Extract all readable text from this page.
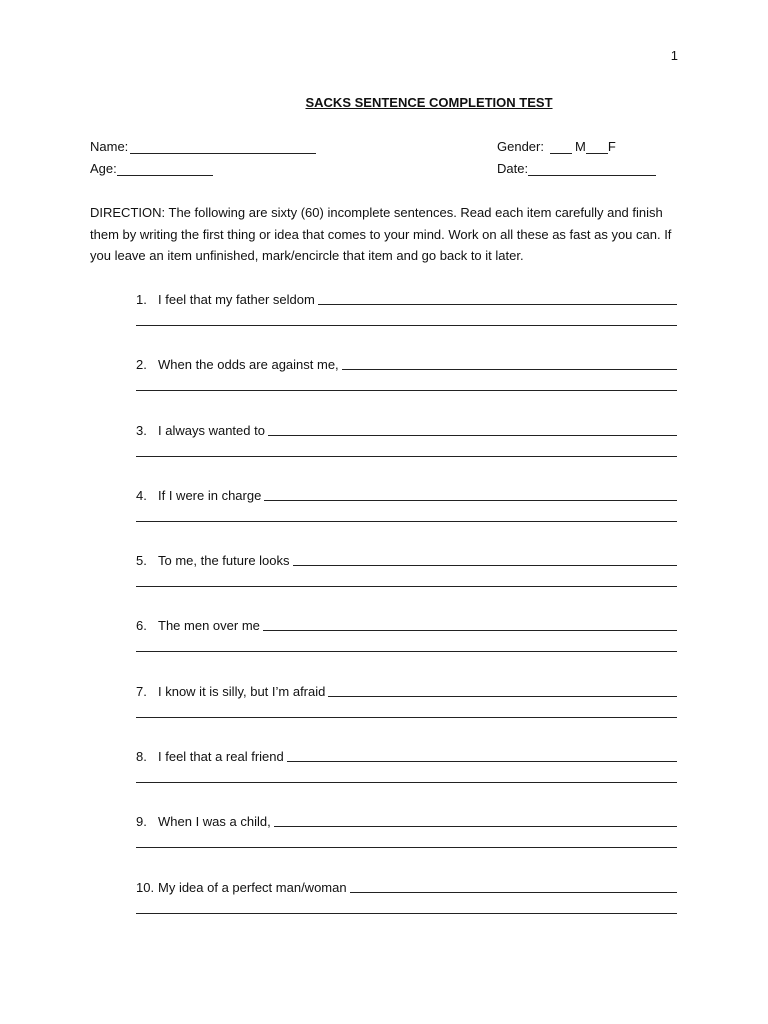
1
SACKS SENTENCE COMPLETION TEST
Name:
Age:
Gender: M F
Date:
DIRECTION: The following are sixty (60) incomplete sentences. Read each item carefully and finish them by writing the first thing or idea that comes to your mind. Work on all these as fast as you can. If you leave an item unfinished, mark/encircle that item and go back to it later.
1. I feel that my father seldom
2. When the odds are against me,
3. I always wanted to
4. If I were in charge
5. To me, the future looks
6. The men over me
7. I know it is silly, but I’m afraid
8. I feel that a real friend
9. When I was a child,
10. My idea of a perfect man/woman
